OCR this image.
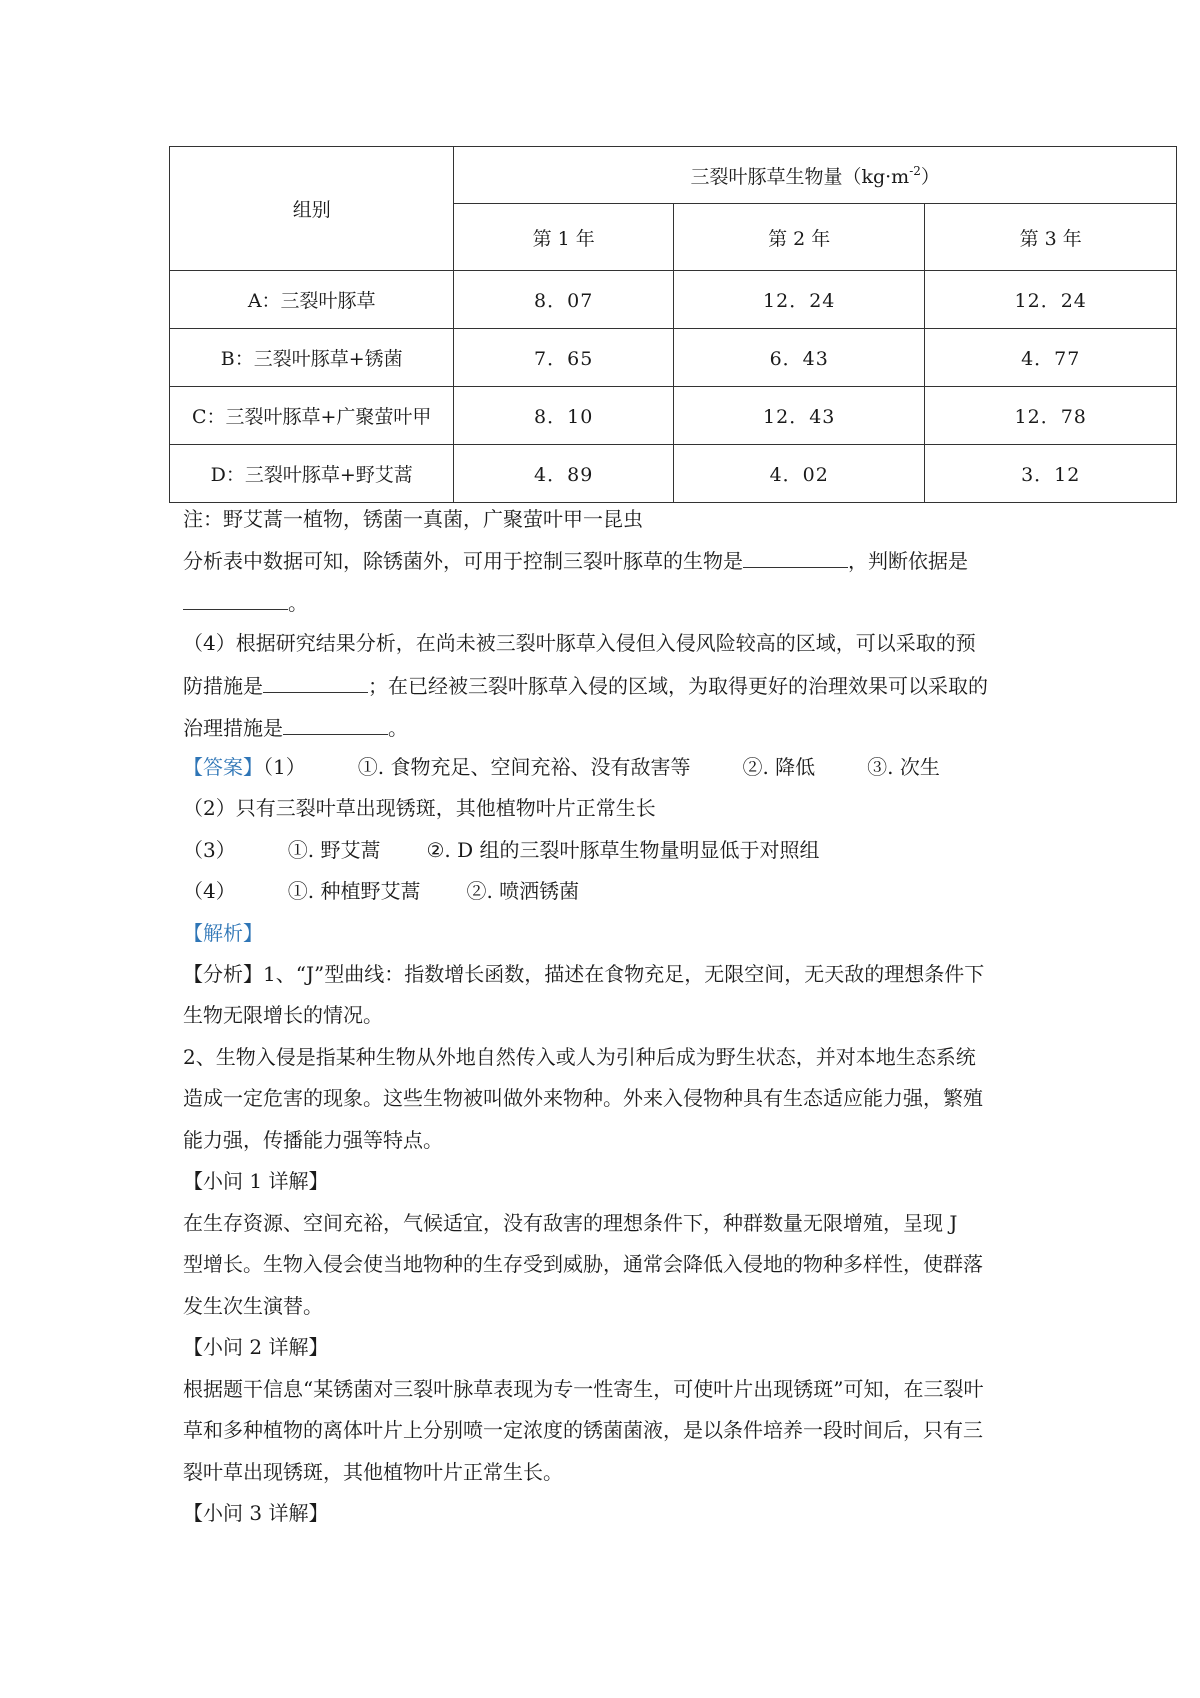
组别	三裂叶豚草生物量$(kg\cdot m^{-2})$		
	第 1 年	第 2 年	第 3 年
A：三裂叶豚草	8．07	12．24	12．24
B：三裂叶豚草+锈菌	7．65	6．43	4．77
C：三裂叶豚草+广聚萤叶甲	8．10	12．43	12．78
D：三裂叶豚草+野艾蒿	4．89	4．02	3．12
注：野艾蒿一植物，锈菌一真菌，广聚萤叶甲一昆虫
分析表中数据可知，除锈菌外，可用于控制三裂叶豚草的生物是	，判断依据是
。
（4）根据研究结果分析，在尚未被三裂叶豚草入侵但入侵风险较高的区域，可以采取的预
防措施是	；在已经被三裂叶豚草入侵的区域，为取得更好的治理效果可以采取的
治理措施是	。
【答案】（1）	①. 食物充足、空间充裕、没有敌害等	②. 降低	③. 次生
（2）只有三裂叶草出现锈斑，其他植物叶片正常生长
（3）	①. 野艾蒿 ②. D 组的三裂叶豚草生物量明显低于对照组
（4）	①. 种植野艾蒿 ②. 喷洒锈菌
【解析】
【分析】1、“J”型曲线：指数增长函数，描述在食物充足，无限空间，无天敌的理想条件下
生物无限增长的情况。
2、生物入侵是指某种生物从外地自然传入或人为引种后成为野生状态，并对本地生态系统
造成一定危害的现象。这些生物被叫做外来物种。外来入侵物种具有生态适应能力强，繁殖
能力强，传播能力强等特点。
【小问 1 详解】
在生存资源、空间充裕，气候适宜，没有敌害的理想条件下，种群数量无限增殖，呈现 J
型增长。生物入侵会使当地物种的生存受到威胁，通常会降低入侵地的物种多样性，使群落
发生次生演替。
【小问 2 详解】
根据题干信息“某锈菌对三裂叶脉草表现为专一性寄生，可使叶片出现锈斑”可知，在三裂叶
草和多种植物的离体叶片上分别喷一定浓度的锈菌菌液，是以条件培养一段时间后，只有三
裂叶草出现锈斑，其他植物叶片正常生长。
【小问 3 详解】
